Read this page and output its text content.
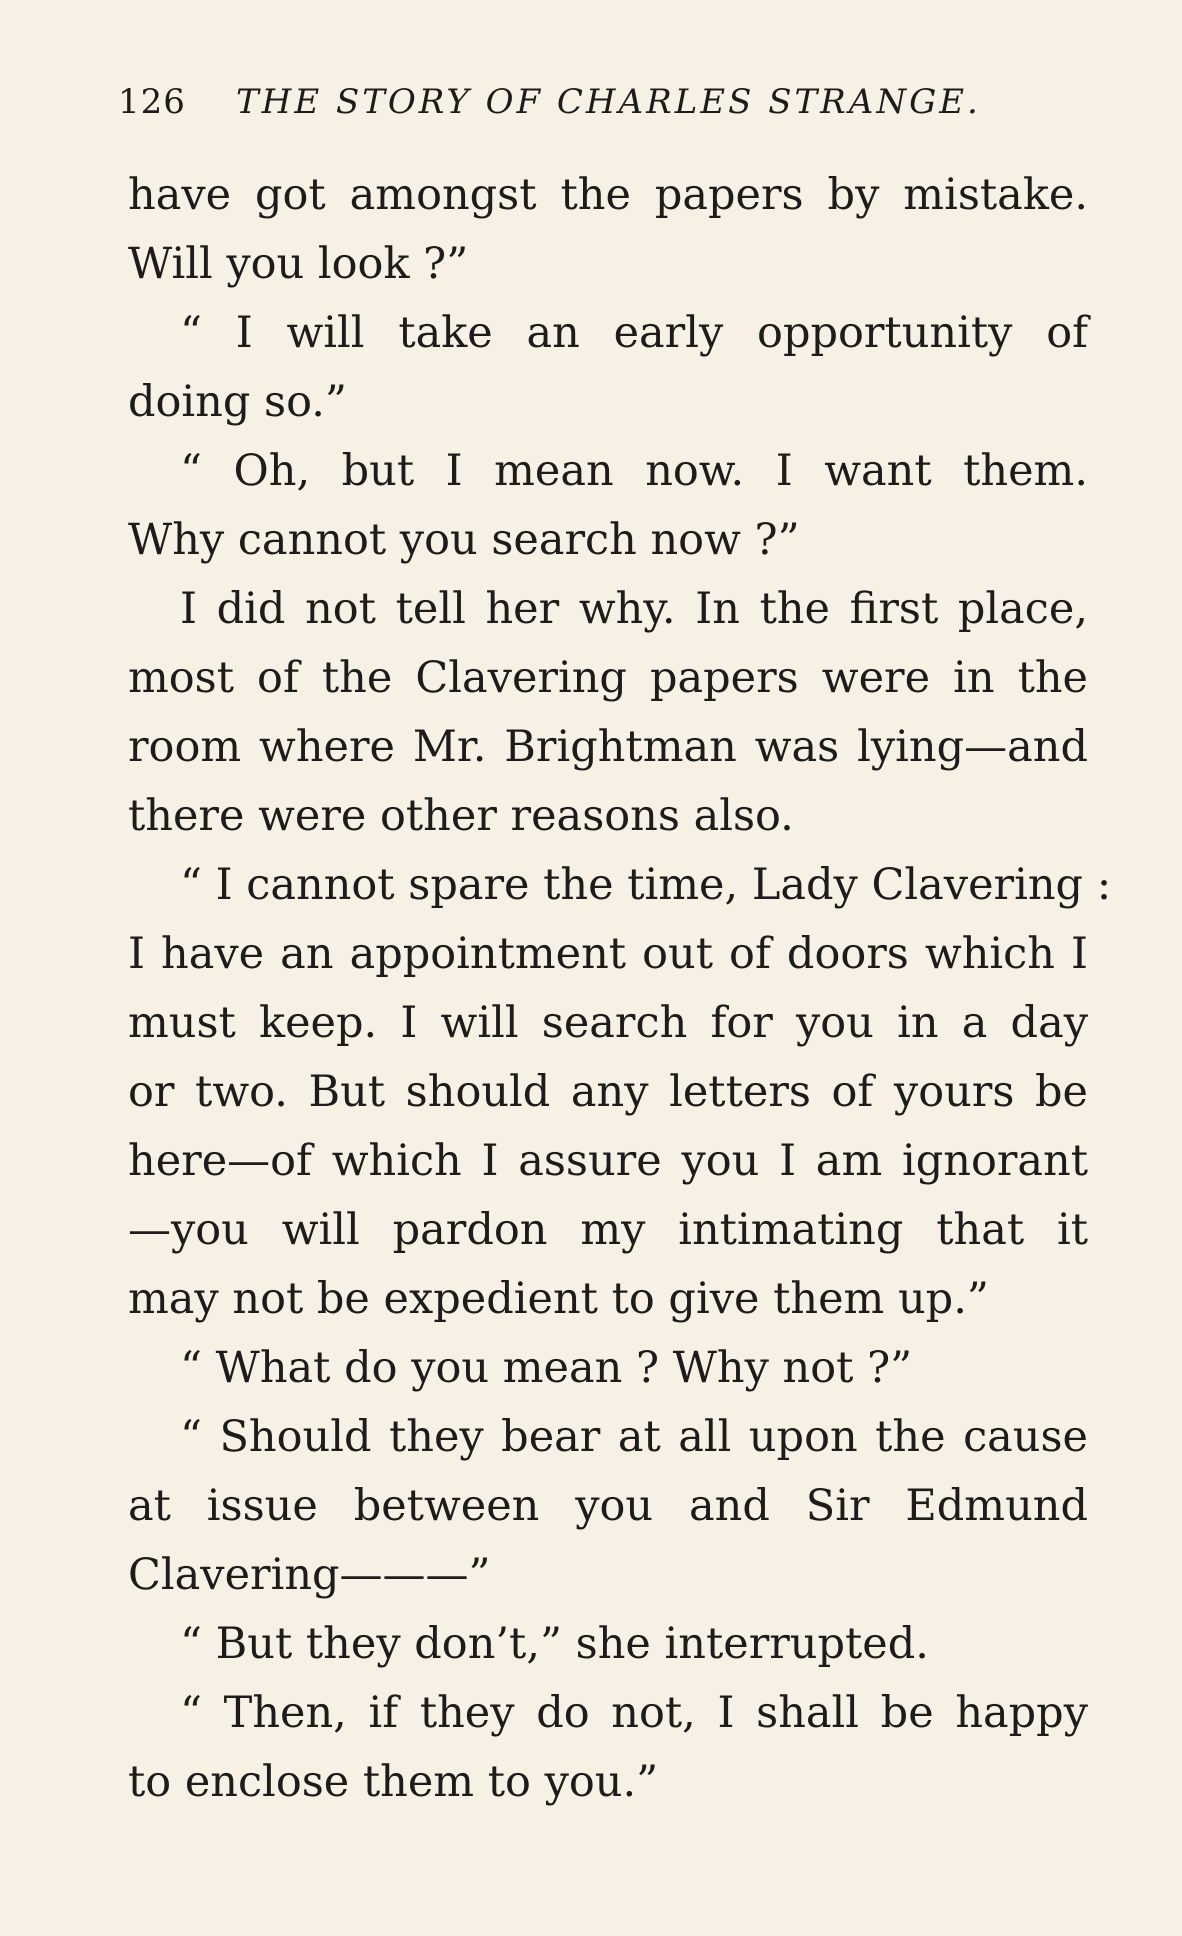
126 THE STORY OF CHARLES STRANGE.
have got amongst the papers by mistake.
Will you look ?”
“ I will take an early opportunity of
doing so.”
“ Oh, but I mean now. I want them.
Why cannot you search now ?”
I did not tell her why. In the first place,
most of the Clavering papers were in the
room where Mr. Brightman was lying—and
there were other reasons also.
“ I cannot spare the time, Lady Clavering :
I have an appointment out of doors which I
must keep. I will search for you in a day
or two. But should any letters of yours be
here—of which I assure you I am ignorant
—you will pardon my intimating that it
may not be expedient to give them up.”
“ What do you mean ? Why not ?”
“ Should they bear at all upon the cause
at issue between you and Sir Edmund
Clavering———”
“ But they don’t,” she interrupted.
“ Then, if they do not, I shall be happy
to enclose them to you.”
